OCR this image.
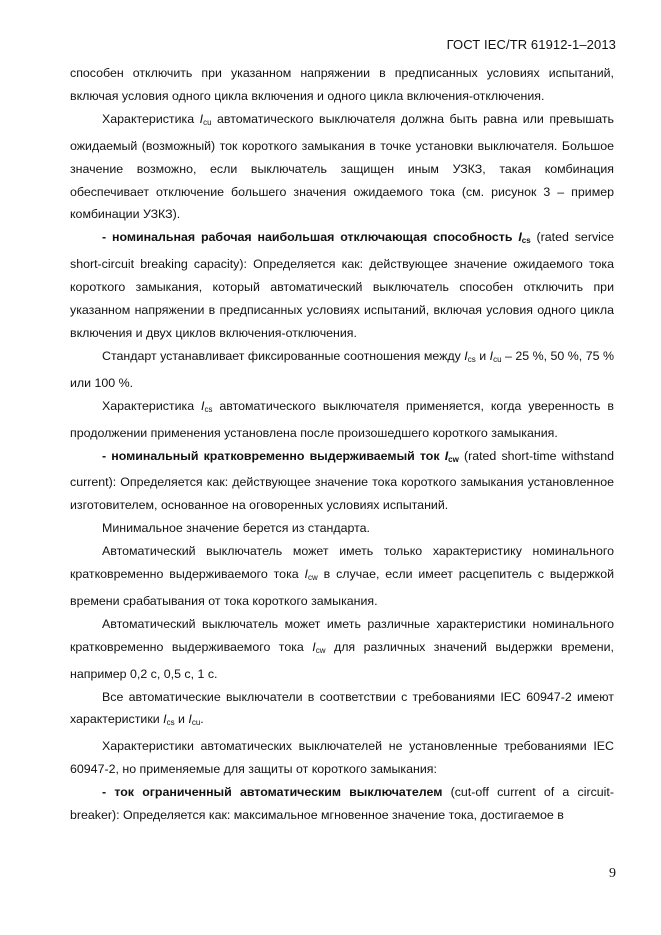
ГОСТ IEC/TR 61912-1–2013

способен отключить при указанном напряжении в предписанных условиях испытаний, включая условия одного цикла включения и одного цикла включения-отключения.

Характеристика $I_{cu}$ автоматического выключателя должна быть равна или превышать ожидаемый (возможный) ток короткого замыкания в точке установки выключателя. Большое значение возможно, если выключатель защищен иным УЗКЗ, такая комбинация обеспечивает отключение большего значения ожидаемого тока (см. рисунок 3 – пример комбинации УЗКЗ).

- номинальная рабочая наибольшая отключающая способность $I_{cs}$ (rated service short-circuit breaking capacity): Определяется как: действующее значение ожидаемого тока короткого замыкания, который автоматический выключатель способен отключить при указанном напряжении в предписанных условиях испытаний, включая условия одного цикла включения и двух циклов включения-отключения.

Стандарт устанавливает фиксированные соотношения между $I_{cs}$ и $I_{cu} - 25$ %, 50 %, 75 % или 100 %.

Характеристика $I_{cs}$ автоматического выключателя применяется, когда уверенность в продолжении применения установлена после произошедшего короткого замыкания.

- номинальный кратковременно выдерживаемый ток $I_{cw}$ (rated short-time withstand current): Определяется как: действующее значение тока короткого замыкания установленное изготовителем, основанное на оговоренных условиях испытаний.

Минимальное значение берется из стандарта.

Автоматический выключатель может иметь только характеристику номинального кратковременно выдерживаемого тока $I_{cw}$ в случае, если имеет расцепитель с выдержкой времени срабатывания от тока короткого замыкания.

Автоматический выключатель может иметь различные характеристики номинального кратковременно выдерживаемого тока $I_{cw}$ для различных значений выдержки времени, например 0,2 с, 0,5 с, 1 с.

Все автоматические выключатели в соответствии с требованиями IEC 60947-2 имеют характеристики $I_{cs}$ и $I_{cu}$.

Характеристики автоматических выключателей не установленные требованиями IEC 60947-2, но применяемые для защиты от короткого замыкания:

- ток ограниченный автоматическим выключателем (cut-off current of a circuit-breaker): Определяется как: максимальное мгновенное значение тока, достигаемое в

9
